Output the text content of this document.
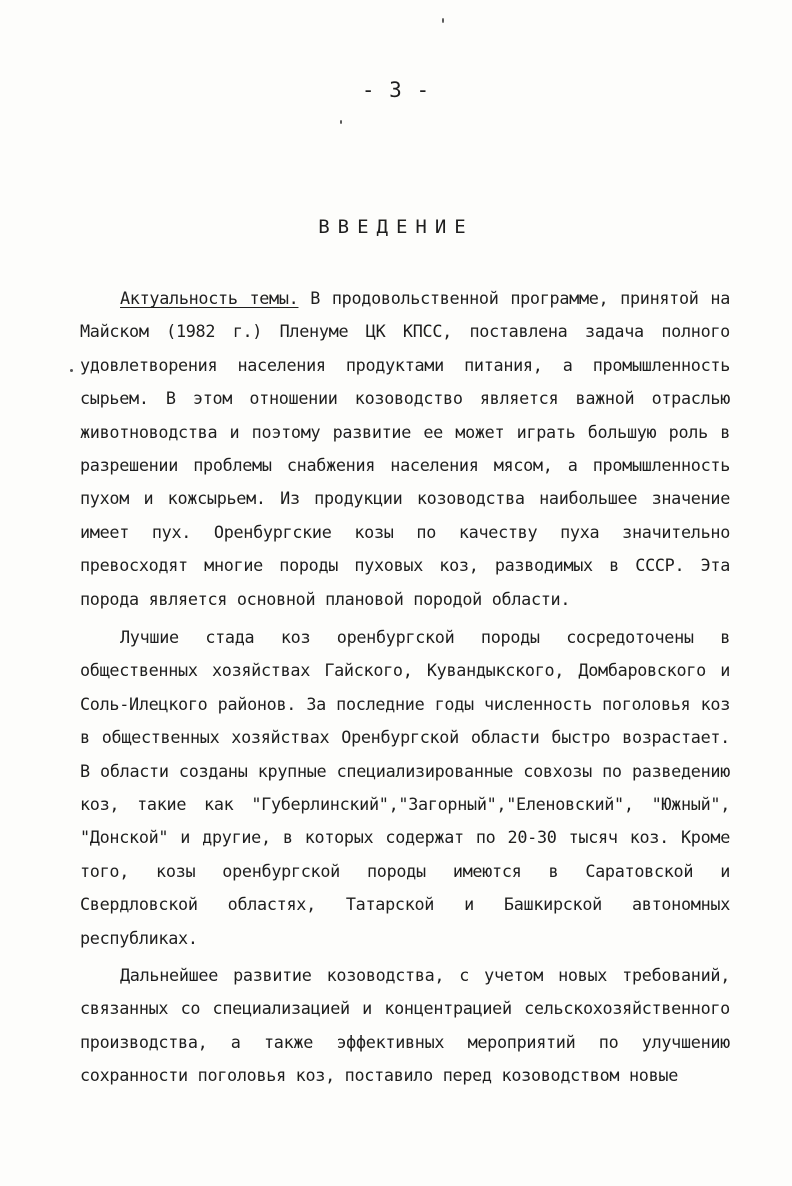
- 3 -

ВВЕДЕНИЕ

Актуальность темы. В продовольственной программе, принятой на Майском (1982 г.) Пленуме ЦК КПСС, поставлена задача полного удовлетворения населения продуктами питания, а промышленность сырьем. В этом отношении козоводство является важной отраслью животноводства и поэтому развитие ее может играть большую роль в разрешении проблемы снабжения населения мясом, а промышленность пухом и кожсырьем. Из продукции козоводства наибольшее значение имеет пух. Оренбургские козы по качеству пуха значительно превосходят многие породы пуховых коз, разводимых в СССР. Эта порода является основной плановой породой области.

Лучшие стада коз оренбургской породы сосредоточены в общественных хозяйствах Гайского, Кувандыкского, Домбаровского и Соль-Илецкого районов. За последние годы численность поголовья коз в общественных хозяйствах Оренбургской области быстро возрастает. В области созданы крупные специализированные совхозы по разведению коз, такие как "Губерлинский","Загорный","Еленовский", "Южный", "Донской" и другие, в которых содержат по 20-30 тысяч коз. Кроме того, козы оренбургской породы имеются в Саратовской и Свердловской областях, Татарской и Башкирской автономных республиках.

Дальнейшее развитие козоводства, с учетом новых требований, связанных со специализацией и концентрацией сельскохозяйственного производства, а также эффективных мероприятий по улучшению сохранности поголовья коз, поставило перед козоводством новые
